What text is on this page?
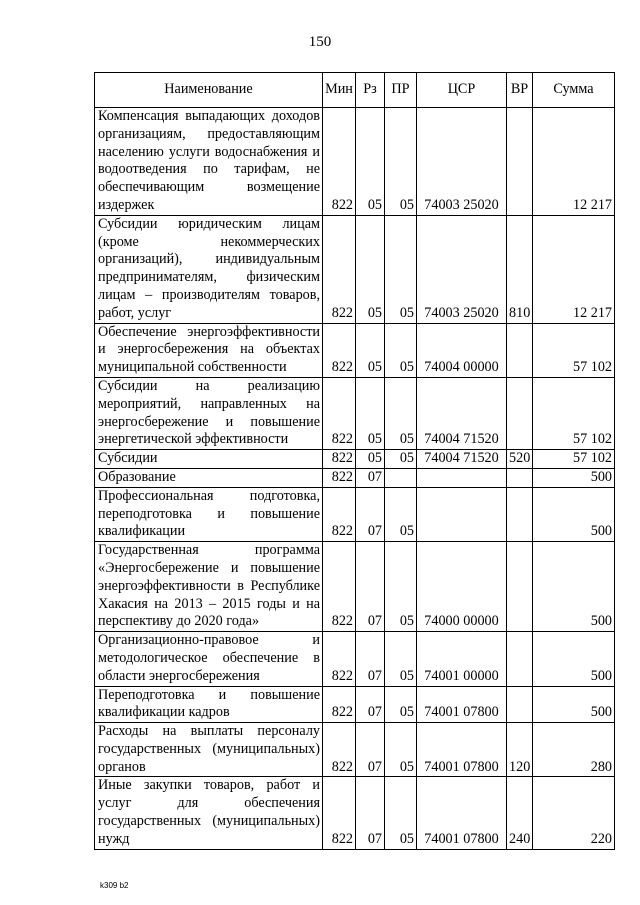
150
Наименование	Мин	Рз	ПР	ЦСР	ВР	Сумма
Компенсация выпадающих доходов организациям, предоставляющим населению услуги водоснабжения и водоотведения по тарифам, не обеспечивающим возмещение издержек	822	05	05	74003 25020		12 217
Субсидии юридическим лицам (кроме некоммерческих организаций), индивидуальным предпринимателям, физическим лицам – производителям товаров, работ, услуг	822	05	05	74003 25020	810	12 217
Обеспечение энергоэффективности и энергосбережения на объектах муниципальной собственности	822	05	05	74004 00000		57 102
Субсидии на реализацию мероприятий, направленных на энергосбережение и повышение энергетической эффективности	822	05	05	74004 71520		57 102
Субсидии	822	05	05	74004 71520	520	57 102
Образование	822	07				500
Профессиональная подготовка, переподготовка и повышение квалификации	822	07	05			500
Государственная программа «Энергосбережение и повышение энергоэффективности в Республике Хакасия на 2013 – 2015 годы и на перспективу до 2020 года»	822	07	05	74000 00000		500
Организационно-правовое и методологическое обеспечение в области энергосбережения	822	07	05	74001 00000		500
Переподготовка и повышение квалификации кадров	822	07	05	74001 07800		500
Расходы на выплаты персоналу государственных (муниципальных) органов	822	07	05	74001 07800	120	280
Иные закупки товаров, работ и услуг для обеспечения государственных (муниципальных) нужд	822	07	05	74001 07800	240	220
k309 b2
